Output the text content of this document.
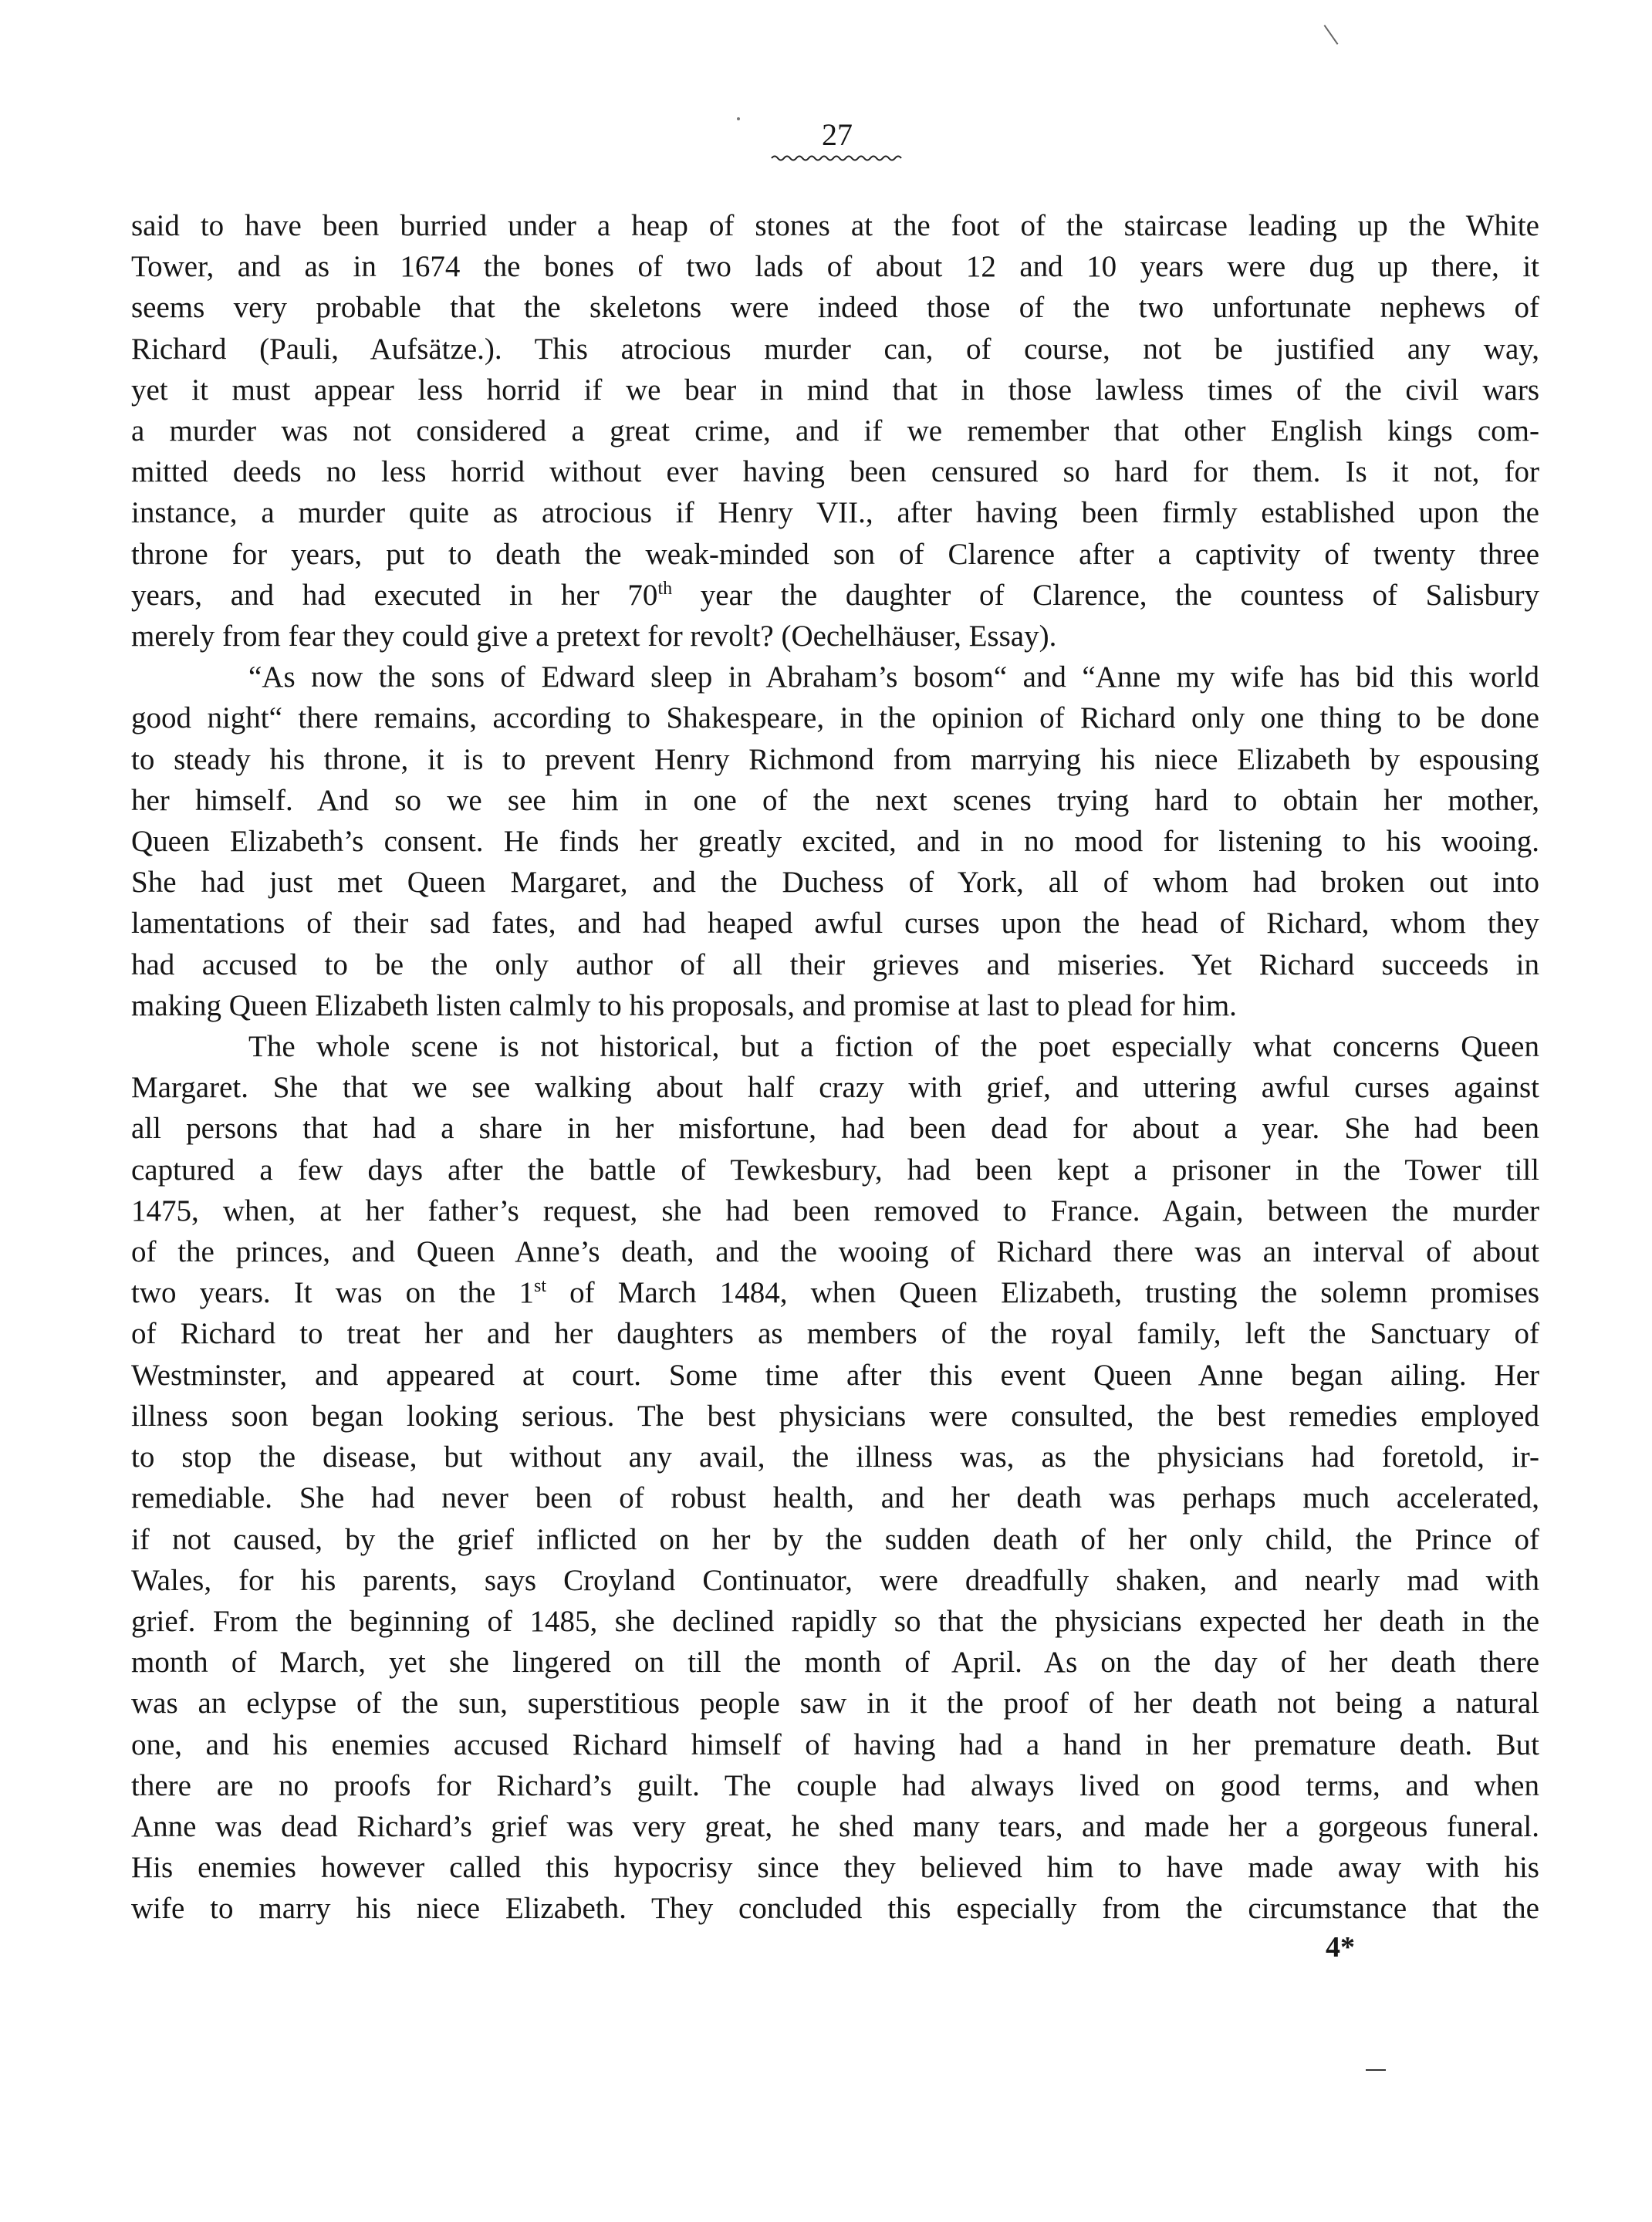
27

said to have been burried under a heap of stones at the foot of the staircase leading up the White
Tower, and as in 1674 the bones of two lads of about 12 and 10 years were dug up there, it
seems very probable that the skeletons were indeed those of the two unfortunate nephews of
Richard (Pauli, Aufsätze.). This atrocious murder can, of course, not be justified any way,
yet it must appear less horrid if we bear in mind that in those lawless times of the civil wars
a murder was not considered a great crime, and if we remember that other English kings com-
mitted deeds no less horrid without ever having been censured so hard for them. Is it not, for
instance, a murder quite as atrocious if Henry VII., after having been firmly established upon the
throne for years, put to death the weak-minded son of Clarence after a captivity of twenty three
years, and had executed in her 70th year the daughter of Clarence, the countess of Salisbury
merely from fear they could give a pretext for revolt? (Oechelhäuser, Essay).

“As now the sons of Edward sleep in Abraham’s bosom“ and “Anne my wife has bid this world
good night“ there remains, according to Shakespeare, in the opinion of Richard only one thing to be done
to steady his throne, it is to prevent Henry Richmond from marrying his niece Elizabeth by espousing
her himself. And so we see him in one of the next scenes trying hard to obtain her mother,
Queen Elizabeth’s consent. He finds her greatly excited, and in no mood for listening to his wooing.
She had just met Queen Margaret, and the Duchess of York, all of whom had broken out into
lamentations of their sad fates, and had heaped awful curses upon the head of Richard, whom they
had accused to be the only author of all their grieves and miseries. Yet Richard succeeds in
making Queen Elizabeth listen calmly to his proposals, and promise at last to plead for him.

The whole scene is not historical, but a fiction of the poet especially what concerns Queen
Margaret. She that we see walking about half crazy with grief, and uttering awful curses against
all persons that had a share in her misfortune, had been dead for about a year. She had been
captured a few days after the battle of Tewkesbury, had been kept a prisoner in the Tower till
1475, when, at her father’s request, she had been removed to France. Again, between the murder
of the princes, and Queen Anne’s death, and the wooing of Richard there was an interval of about
two years. It was on the 1st of March 1484, when Queen Elizabeth, trusting the solemn promises
of Richard to treat her and her daughters as members of the royal family, left the Sanctuary of
Westminster, and appeared at court. Some time after this event Queen Anne began ailing. Her
illness soon began looking serious. The best physicians were consulted, the best remedies employed
to stop the disease, but without any avail, the illness was, as the physicians had foretold, ir-
remediable. She had never been of robust health, and her death was perhaps much accelerated,
if not caused, by the grief inflicted on her by the sudden death of her only child, the Prince of
Wales, for his parents, says Croyland Continuator, were dreadfully shaken, and nearly mad with
grief. From the beginning of 1485, she declined rapidly so that the physicians expected her death in the
month of March, yet she lingered on till the month of April. As on the day of her death there
was an eclypse of the sun, superstitious people saw in it the proof of her death not being a natural
one, and his enemies accused Richard himself of having had a hand in her premature death. But
there are no proofs for Richard’s guilt. The couple had always lived on good terms, and when
Anne was dead Richard’s grief was very great, he shed many tears, and made her a gorgeous funeral.
His enemies however called this hypocrisy since they believed him to have made away with his
wife to marry his niece Elizabeth. They concluded this especially from the circumstance that the

4*
